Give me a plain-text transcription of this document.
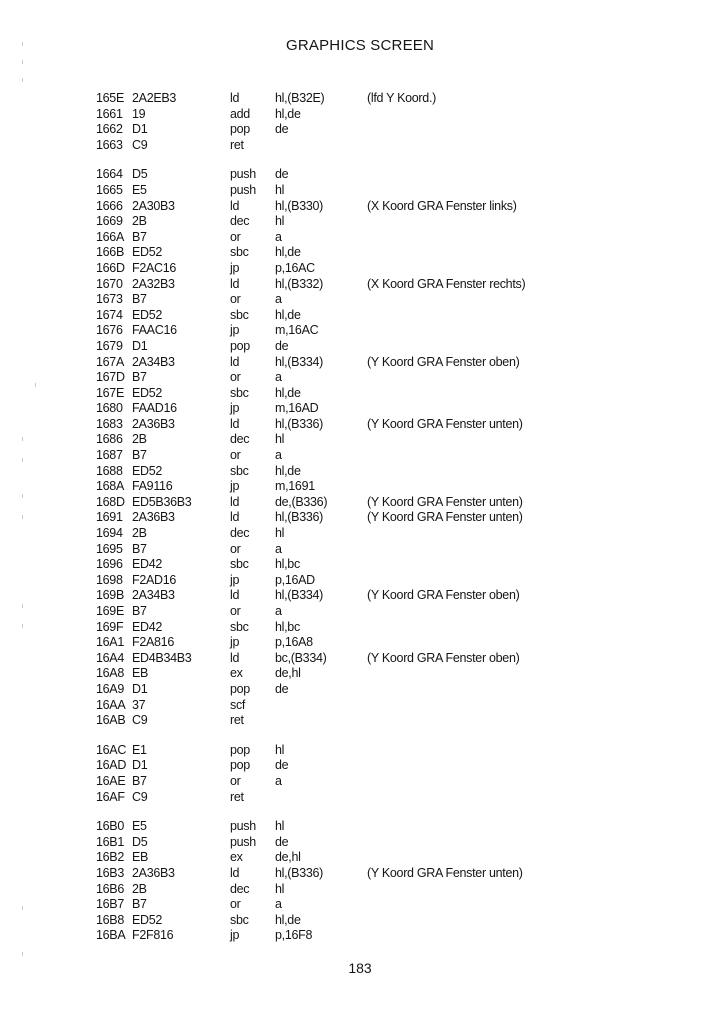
GRAPHICS SCREEN
165E 2A2EB3	ld	hl,(B32E)	(lfd Y Koord.)
1661 19	add hl,de
1662 D1	pop de
1663 C9	ret
1664 D5	push de
1665 E5	push hl
1666 2A30B3	ld	hl,(B330)	(X Koord GRA Fenster links)
1669 2B	dec hl
166A B7	or	a
166B ED52	sbc hl,de
166D F2AC16	jp	p,16AC
1670 2A32B3	ld	hl,(B332)	(X Koord GRA Fenster rechts)
1673 B7	or	a
1674 ED52	sbc hl,de
1676 FAAC16	jp	m,16AC
1679 D1	pop de
167A 2A34B3	ld	hl,(B334)	(Y Koord GRA Fenster oben)
167D B7	or	a
167E ED52	sbc hl,de
1680 FAAD16	jp	m,16AD
1683 2A36B3	ld	hl,(B336)	(Y Koord GRA Fenster unten)
1686 2B	dec hl
1687 B7	or	a
1688 ED52	sbc hl,de
168A FA9116	jp	m,1691
168D ED5B36B3	ld	de,(B336)	(Y Koord GRA Fenster unten)
1691 2A36B3	ld	hl,(B336)	(Y Koord GRA Fenster unten)
1694 2B	dec hl
1695 B7	or	a
1696 ED42	sbc hl,bc
1698 F2AD16	jp	p,16AD
169B 2A34B3	ld	hl,(B334)	(Y Koord GRA Fenster oben)
169E B7	or	a
169F ED42	sbc hl,bc
16A1 F2A816	jp	p,16A8
16A4 ED4B34B3	ld	bc,(B334)	(Y Koord GRA Fenster oben)
16A8 EB	ex	de,hl
16A9 D1	pop de
16AA 37	scf
16AB C9	ret
16AC E1	pop hl
16AD D1	pop de
16AE B7	or	a
16AF C9	ret
16B0 E5	push hl
16B1 D5	push de
16B2 EB	ex	de,hl
16B3 2A36B3	ld	hl,(B336)	(Y Koord GRA Fenster unten)
16B6 2B	dec hl
16B7 B7	or	a
16B8 ED52	sbc hl,de
16BA F2F816	jp	p,16F8
183
